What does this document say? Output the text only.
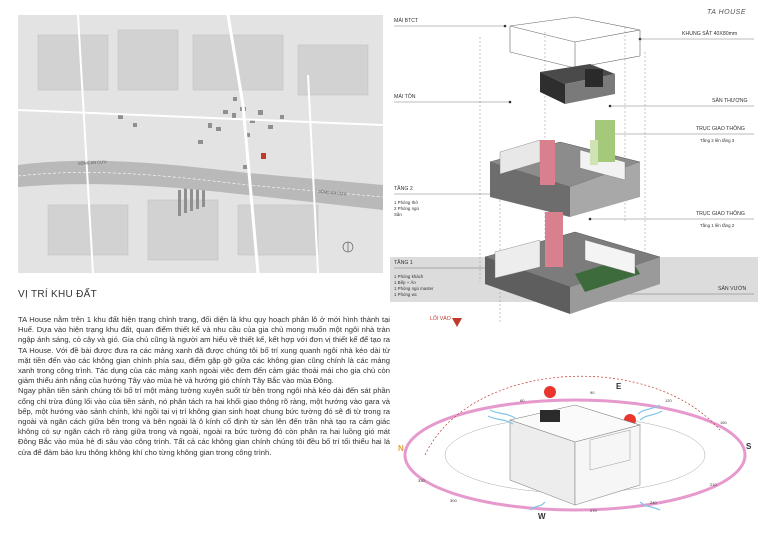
TA HOUSE
SÔNG AN CỰU
SÔNG AN CỰU
VỊ TRÍ KHU ĐẤT

TA House nằm trên 1 khu đất hiện trạng chỉnh trang, đối diện là khu quy hoạch phân lô ở mới hình thành tại Huế. Dựa vào hiện trạng khu đất, quan điểm thiết kế và nhu cầu của gia chủ mong muốn một ngôi nhà tràn ngập ánh sáng, cỏ cây và gió. Gia chủ cũng là người am hiểu về thiết kế, kết hợp với đơn vị thiết kế để tạo ra TA House. Với đề bài được đưa ra các mảng xanh đã được chúng tôi bố trí xung quanh ngôi nhà kéo dài từ mặt tiền đến vào các không gian chính phía sau, điểm gặp gỡ giữa các không gian cũng chính là các mảng xanh trong công trình. Tác dụng của các mảng xanh ngoài việc đem đến cảm giác thoải mái cho gia chủ còn giảm thiểu ánh nắng của hướng Tây vào mùa hè và hướng gió chính Tây Bắc vào mùa Đông.

Ngay phần tiền sảnh chúng tôi bố trí một mảng tường xuyên suốt từ bên trong ngôi nhà kéo dài đến sát phần cổng chỉ trừa đúng lối vào của tiền sảnh, nó phân tách ra hai khối giao thông rõ ràng, một hướng vào gara và bếp, một hướng vào sảnh chính, khi ngồi tại vị trí không gian sinh hoạt chung bức tường đó sẽ đi từ trong ra ngoài và ngăn cách giữa bên trong và bên ngoài là ô kính cố định từ sàn lên đến trần nhà tạo ra cảm giác không có sự ngăn cách rõ ràng giữa trong và ngoài, ngoài ra bức tường đó còn phân ra hai luồng gió mát Đông Bắc vào mùa hè đi sâu vào công trình. Tất cả các không gian chính chúng tôi đều bố trí tối thiểu hai lá cửa để đảm bảo lưu thông không khí cho từng không gian trong công trình.

MÁI BTCT
KHUNG SẮT 40X80mm
MÁI TÔN
SÂN THƯỢNG
TRỤC GIAO THÔNG
Tầng 2 lên tầng 3
TẦNG 2
1 Phòng thờ
2 Phòng ngủ
Sân	TRỤC GIAO THÔNG
Tầng 1 lên tầng 2
TẦNG 1
1 Phòng khách
1 Bếp + Ăn
1 Phòng ngủ master
1 Phòng wc
SÂN VƯỜN
LỐI VÀO
N
E
S
W
60
90
120
150
210
240
270
300
330
